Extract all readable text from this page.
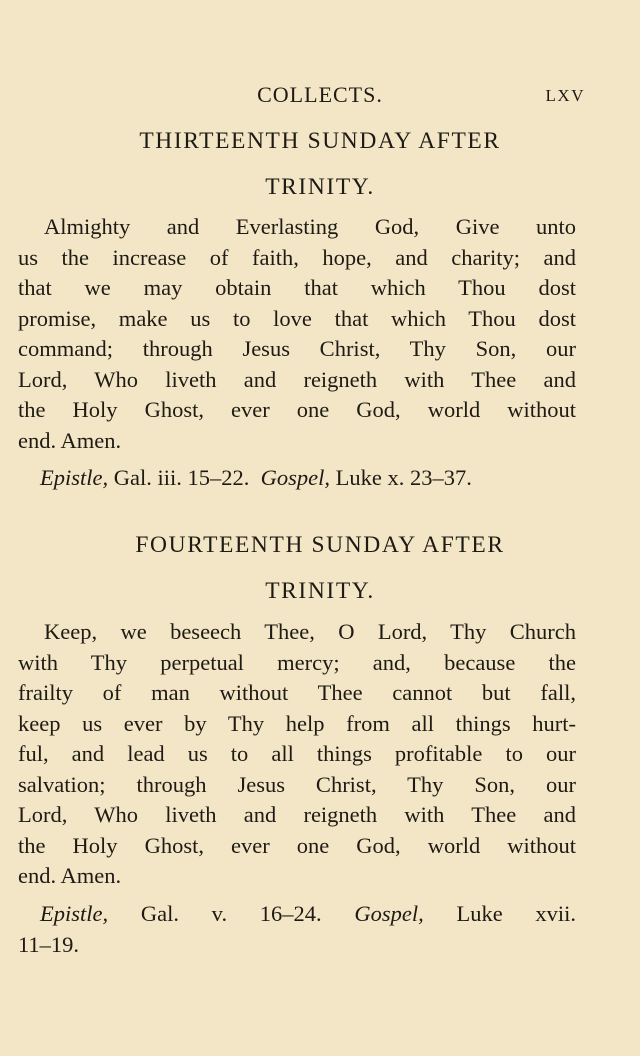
COLLECTS.	LXV
THIRTEENTH SUNDAY AFTER
TRINITY.
Almighty and Everlasting God, Give unto
us the increase of faith, hope, and charity; and
that we may obtain that which Thou dost
promise, make us to love that which Thou dost
command; through Jesus Christ, Thy Son, our
Lord, Who liveth and reigneth with Thee and
the Holy Ghost, ever one God, world without
end. Amen.
Epistle, Gal. iii. 15–22. Gospel, Luke x. 23–37.
FOURTEENTH SUNDAY AFTER
TRINITY.
Keep, we beseech Thee, O Lord, Thy Church
with Thy perpetual mercy; and, because the
frailty of man without Thee cannot but fall,
keep us ever by Thy help from all things hurt-
ful, and lead us to all things profitable to our
salvation; through Jesus Christ, Thy Son, our
Lord, Who liveth and reigneth with Thee and
the Holy Ghost, ever one God, world without
end. Amen.
Epistle, Gal. v. 16–24. Gospel, Luke xvii.
11–19.
